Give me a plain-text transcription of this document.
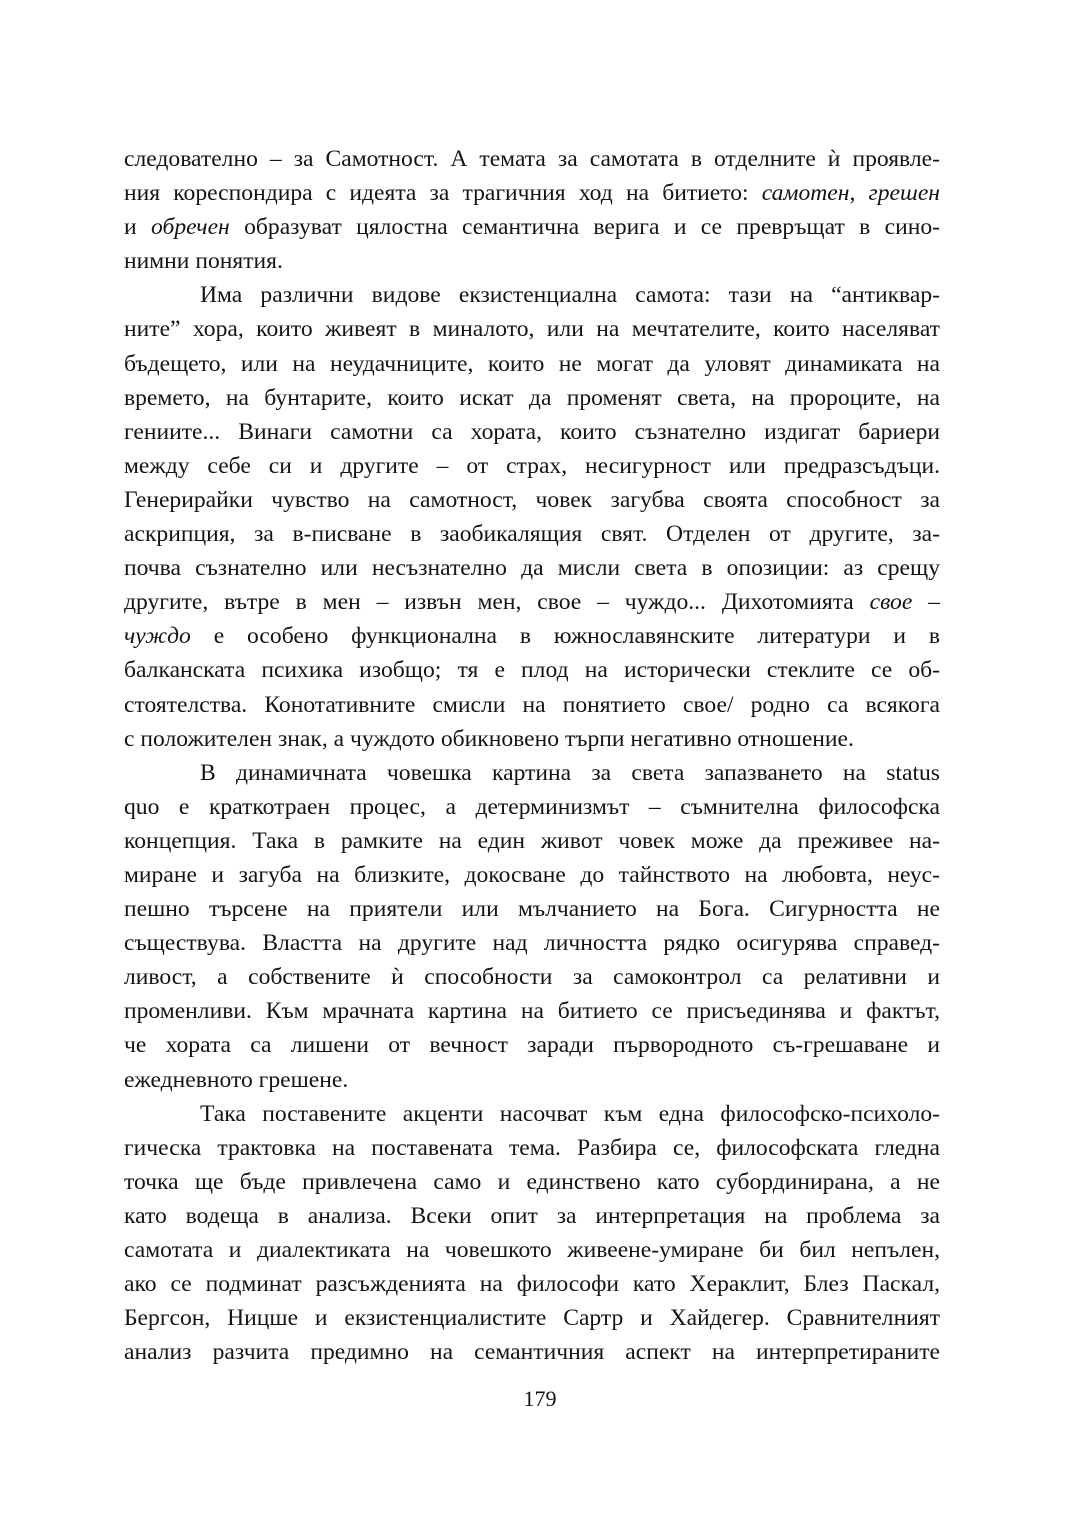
следователно – за Самотност. А темата за самотата в отделните ѝ проявле-
ния кореспондира с идеята за трагичния ход на битието: самотен, грешен
и обречен образуват цялостна семантична верига и се превръщат в сино-
нимни понятия.
Има различни видове екзистенциална самота: тази на “антиквар-
ните” хора, които живеят в миналото, или на мечтателите, които населяват
бъдещето, или на неудачниците, които не могат да уловят динамиката на
времето, на бунтарите, които искат да променят света, на пророците, на
гениите... Винаги самотни са хората, които съзнателно издигат бариери
между себе си и другите – от страх, несигурност или предразсъдъци.
Генерирайки чувство на самотност, човек загубва своята способност за
аскрипция, за в-писване в заобикалящия свят. Отделен от другите, за-
почва съзнателно или несъзнателно да мисли света в опозиции: аз срещу
другите, вътре в мен – извън мен, свое – чуждо... Дихотомията свое –
чуждо е особено функционална в южнославянските литератури и в
балканската психика изобщо; тя е плод на исторически стеклите се об-
стоятелства. Конотативните смисли на понятието свое/ родно са всякога
с положителен знак, а чуждото обикновено търпи негативно отношение.
В динамичната човешка картина за света запазването на status
quo е краткотраен процес, а детерминизмът – съмнителна философска
концепция. Така в рамките на един живот човек може да преживее на-
миране и загуба на близките, докосване до тайнството на любовта, неус-
пешно търсене на приятели или мълчанието на Бога. Сигурността не
съществува. Властта на другите над личността рядко осигурява справед-
ливост, а собствените ѝ способности за самоконтрол са релативни и
променливи. Към мрачната картина на битието се присъединява и фактът,
че хората са лишени от вечност заради първородното съ-грешаване и
ежедневното грешене.
Така поставените акценти насочват към една философско-психоло-
гическа трактовка на поставената тема. Разбира се, философската гледна
точка ще бъде привлечена само и единствено като субординирана, а не
като водеща в анализа. Всеки опит за интерпретация на проблема за
самотата и диалектиката на човешкото живеене-умиране би бил непълен,
ако се подминат разсъжденията на философи като Хераклит, Блез Паскал,
Бергсон, Ницше и екзистенциалистите Сартр и Хайдегер. Сравнителният
анализ разчита предимно на семантичния аспект на интерпретираните
179
